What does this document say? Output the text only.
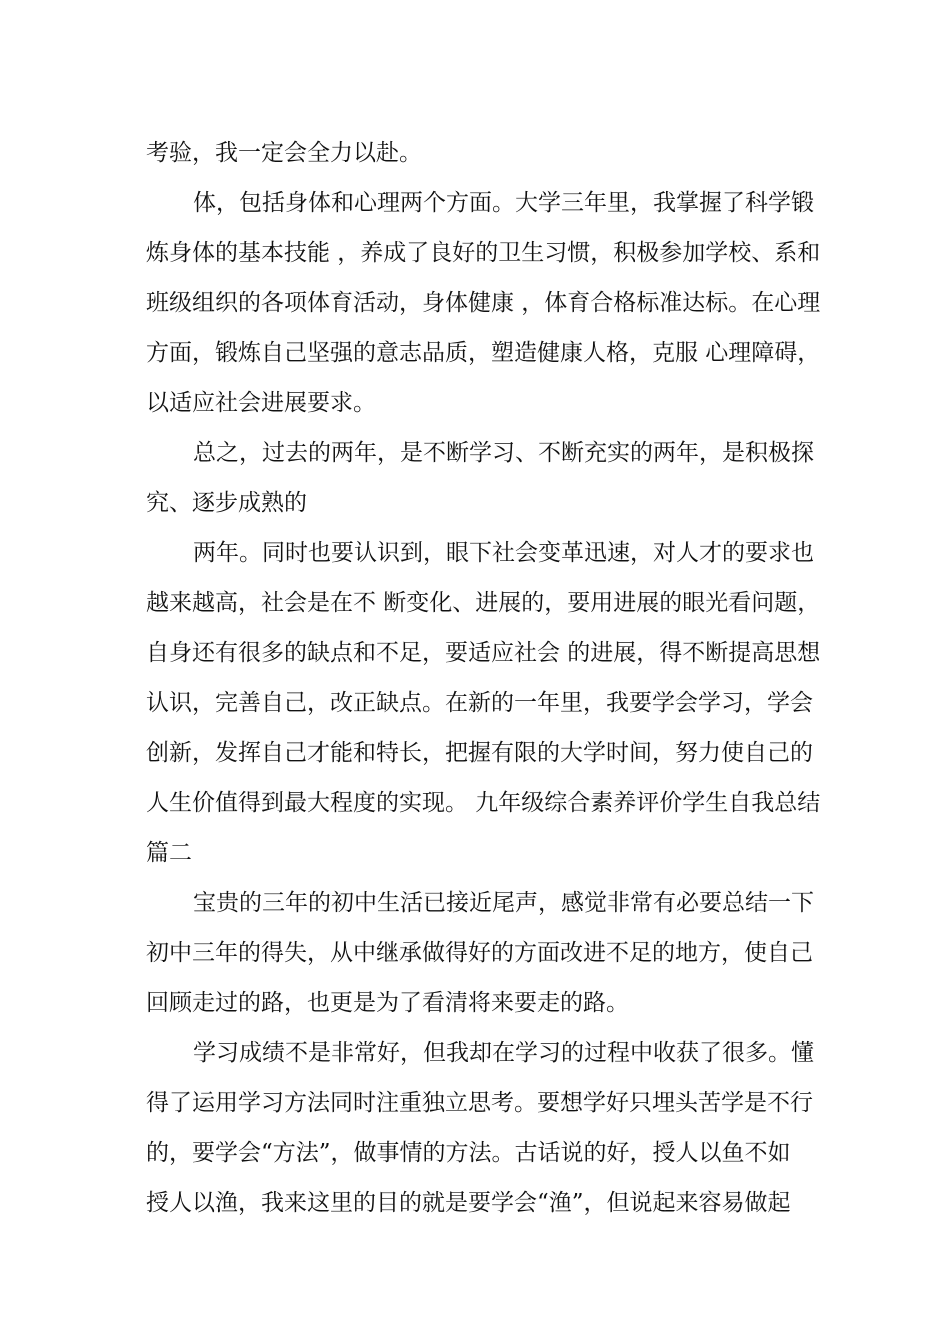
考验，我一定会全力以赴。
体，包括身体和心理两个方面。大学三年里，我掌握了科学锻
炼身体的基本技能 ，养成了良好的卫生习惯，积极参加学校、系和
班级组织的各项体育活动，身体健康 ，体育合格标准达标。在心理
方面，锻炼自己坚强的意志品质，塑造健康人格，克服 心理障碍，
以适应社会进展要求。
总之，过去的两年，是不断学习、不断充实的两年，是积极探
究、逐步成熟的
两年。同时也要认识到，眼下社会变革迅速，对人才的要求也
越来越高，社会是在不 断变化、进展的，要用进展的眼光看问题，
自身还有很多的缺点和不足，要适应社会 的进展，得不断提高思想
认识，完善自己，改正缺点。在新的一年里，我要学会学习，学会
创新，发挥自己才能和特长，把握有限的大学时间，努力使自己的
人生价值得到最大程度的实现。 九年级综合素养评价学生自我总结
篇二
宝贵的三年的初中生活已接近尾声，感觉非常有必要总结一下
初中三年的得失，从中继承做得好的方面改进不足的地方，使自己
回顾走过的路，也更是为了看清将来要走的路。
学习成绩不是非常好，但我却在学习的过程中收获了很多。懂
得了运用学习方法同时注重独立思考。要想学好只埋头苦学是不行
的，要学会“方法”，做事情的方法。古话说的好，授人以鱼不如
授人以渔，我来这里的目的就是要学会“渔”，但说起来容易做起
